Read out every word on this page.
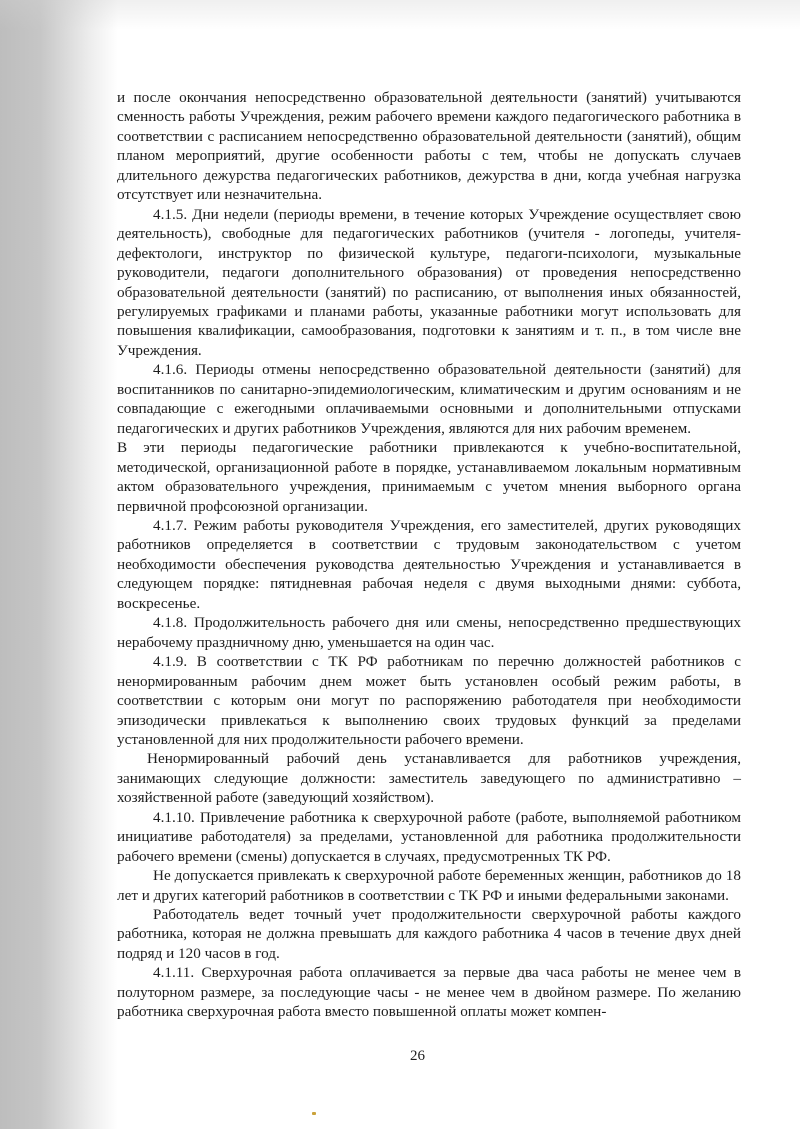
и после окончания непосредственно образовательной деятельности (занятий) учитываются сменность работы Учреждения, режим рабочего времени каждого педагогического работника в соответствии с расписанием непосредственно образовательной деятельности (занятий), общим планом мероприятий, другие особенности работы с тем, чтобы не допускать случаев длительного дежурства педагогических работников, дежурства в дни, когда учебная нагрузка отсутствует или незначительна.

4.1.5. Дни недели (периоды времени, в течение которых Учреждение осуществляет свою деятельность), свободные для педагогических работников (учителя - логопеды, учителя-дефектологи, инструктор по физической культуре, педагоги-психологи, музыкальные руководители, педагоги дополнительного образования) от проведения непосредственно образовательной деятельности (занятий) по расписанию, от выполнения иных обязанностей, регулируемых графиками и планами работы, указанные работники могут использовать для повышения квалификации, самообразования, подготовки к занятиям и т. п., в том числе вне Учреждения.

4.1.6. Периоды отмены непосредственно образовательной деятельности (занятий) для воспитанников по санитарно-эпидемиологическим, климатическим и другим основаниям и не совпадающие с ежегодными оплачиваемыми основными и дополнительными отпусками педагогических и других работников Учреждения, являются для них рабочим временем.

В эти периоды педагогические работники привлекаются к учебно-воспитательной, методической, организационной работе в порядке, устанавливаемом локальным нормативным актом образовательного учреждения, принимаемым с учетом мнения выборного органа первичной профсоюзной организации.

4.1.7. Режим работы руководителя Учреждения, его заместителей, других руководящих работников определяется в соответствии с трудовым законодательством с учетом необходимости обеспечения руководства деятельностью Учреждения и устанавливается в следующем порядке: пятидневная рабочая неделя с двумя выходными днями: суббота, воскресенье.

4.1.8. Продолжительность рабочего дня или смены, непосредственно предшествующих нерабочему праздничному дню, уменьшается на один час.

4.1.9. В соответствии с ТК РФ работникам по перечню должностей работников с ненормированным рабочим днем может быть установлен особый режим работы, в соответствии с которым они могут по распоряжению работодателя при необходимости эпизодически привлекаться к выполнению своих трудовых функций за пределами установленной для них продолжительности рабочего времени.

Ненормированный рабочий день устанавливается для работников учреждения, занимающих следующие должности: заместитель заведующего по административно – хозяйственной работе (заведующий хозяйством).

4.1.10. Привлечение работника к сверхурочной работе (работе, выполняемой работником инициативе работодателя) за пределами, установленной для работника продолжительности рабочего времени (смены) допускается в случаях, предусмотренных ТК РФ.

Не допускается привлекать к сверхурочной работе беременных женщин, работников до 18 лет и других категорий работников в соответствии с ТК РФ и иными федеральными законами.

Работодатель ведет точный учет продолжительности сверхурочной работы каждого работника, которая не должна превышать для каждого работника 4 часов в течение двух дней подряд и 120 часов в год.

4.1.11. Сверхурочная работа оплачивается за первые два часа работы не менее чем в полуторном размере, за последующие часы - не менее чем в двойном размере. По желанию работника сверхурочная работа вместо повышенной оплаты может компен-

26
